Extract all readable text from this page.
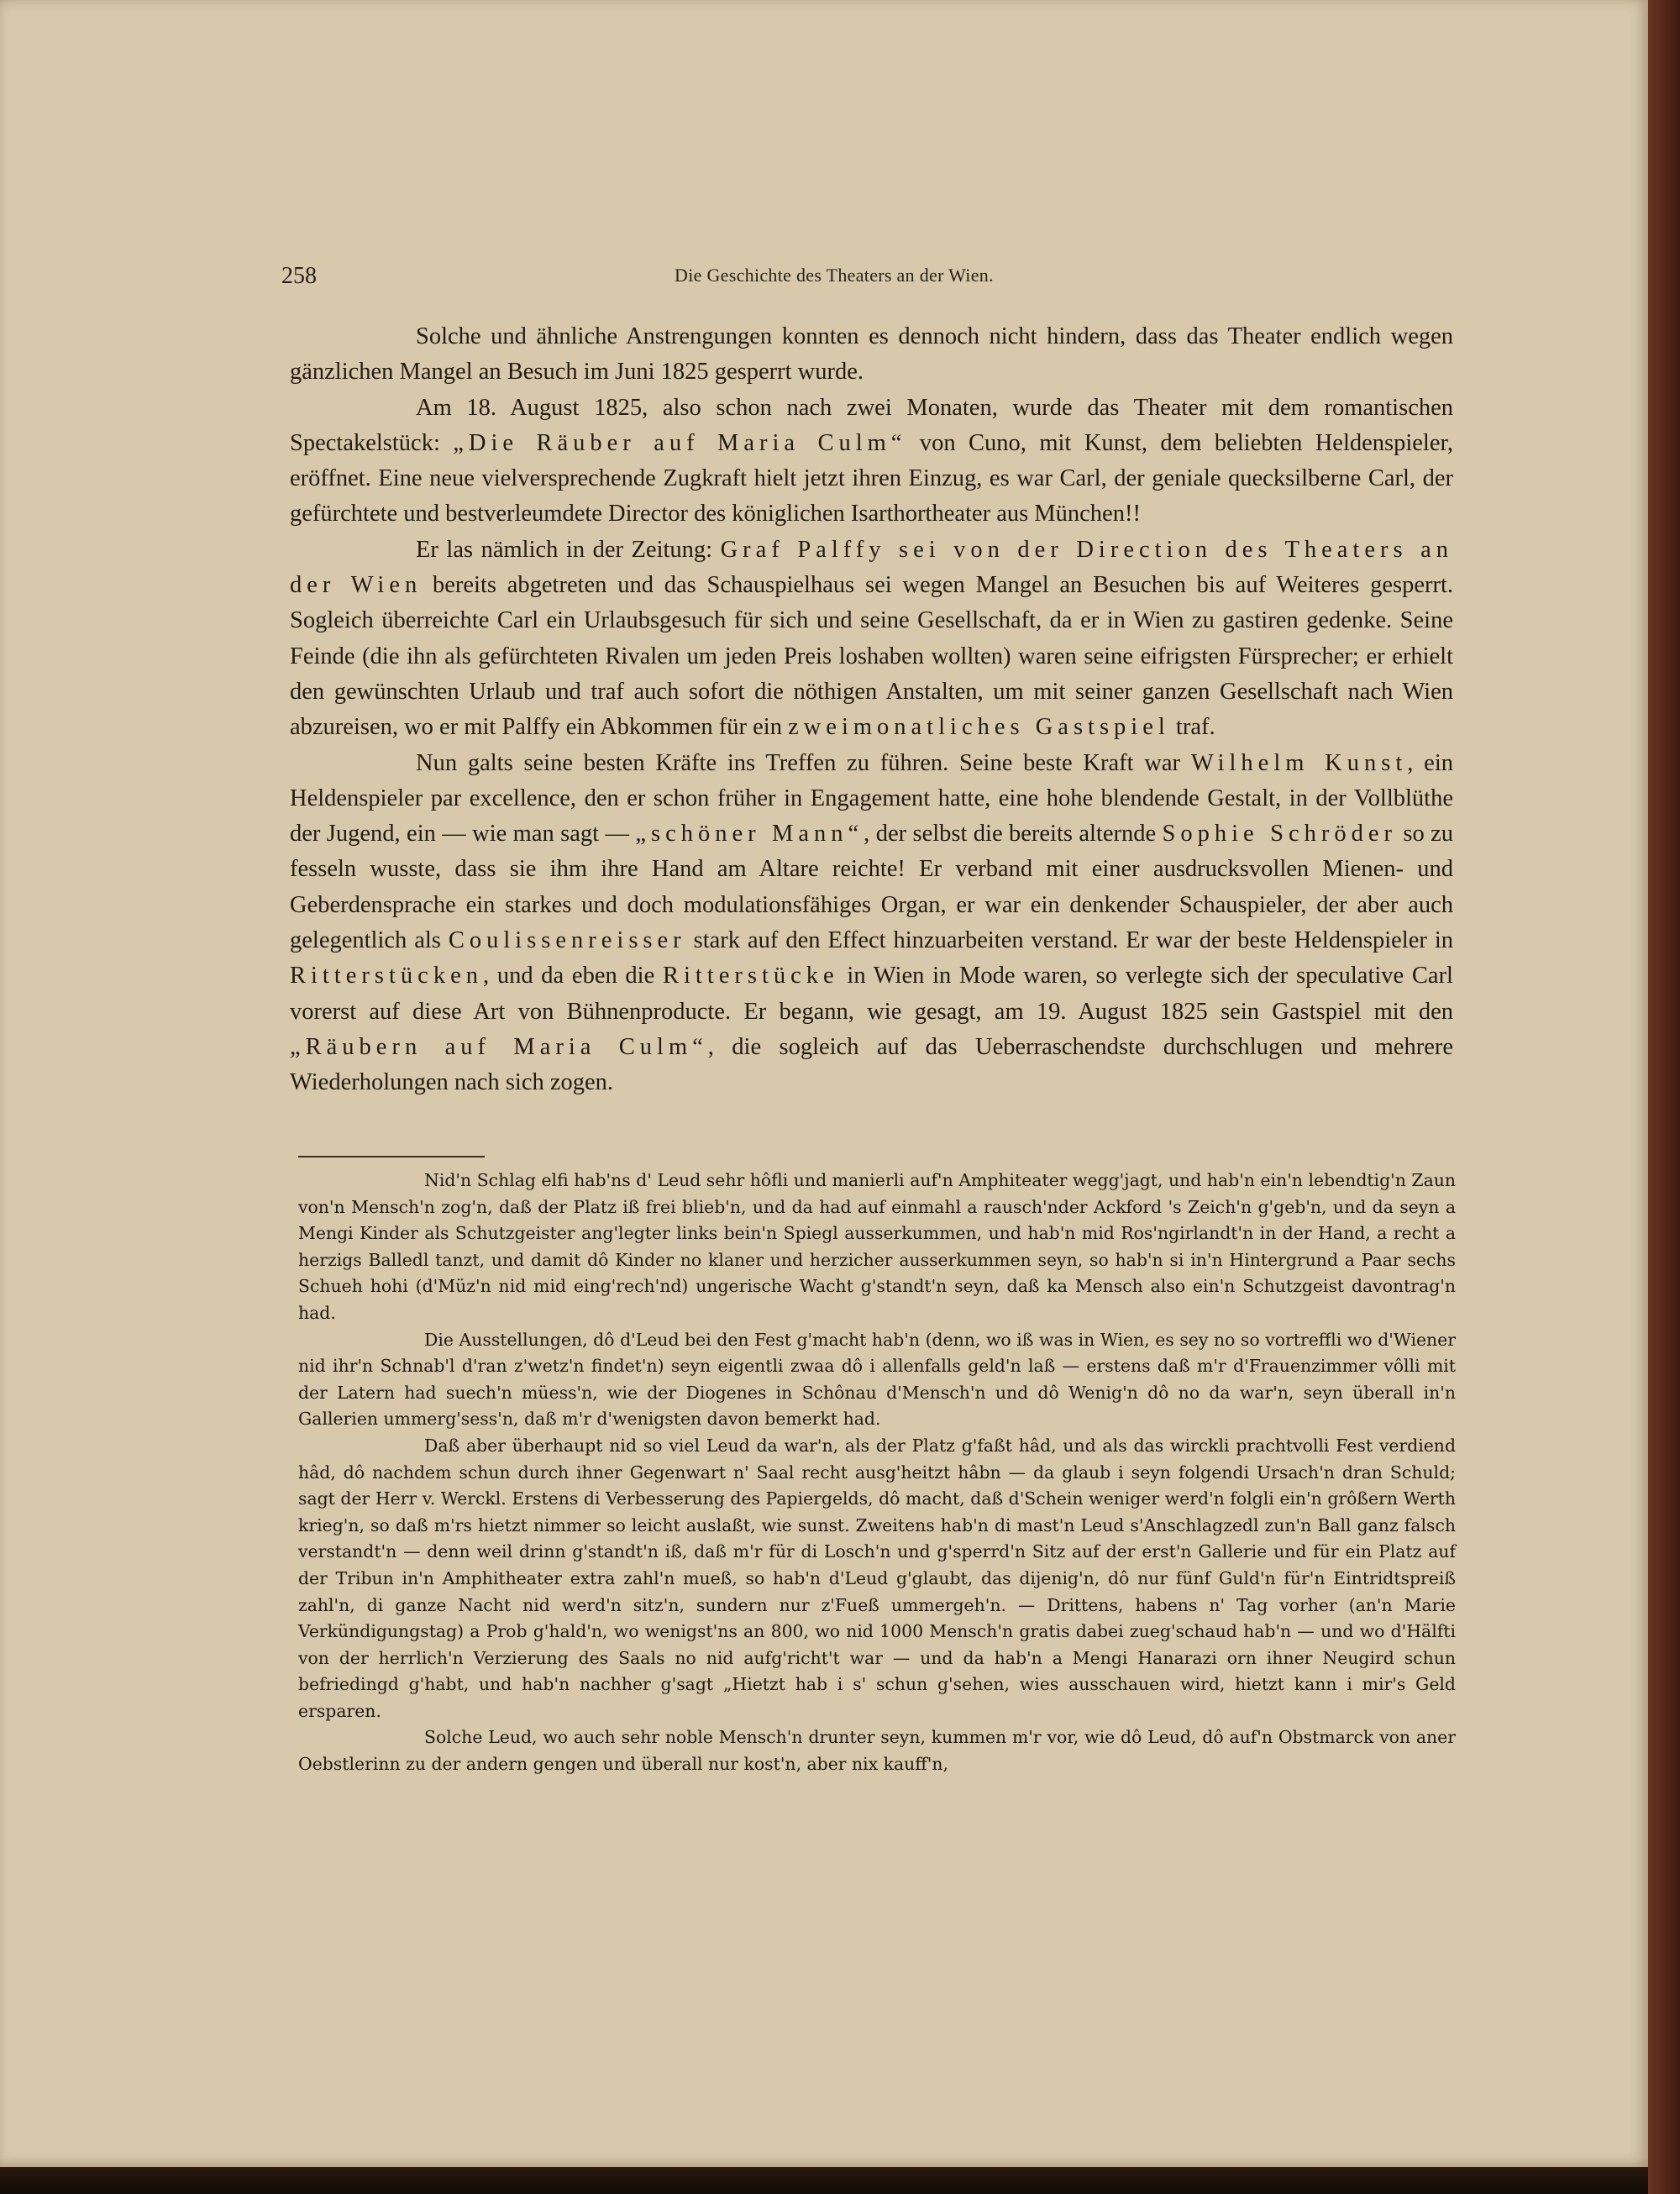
258	Die Geschichte des Theaters an der Wien.

Solche und ähnliche Anstrengungen konnten es dennoch nicht hindern, dass das Theater endlich wegen gänzlichen Mangel an Besuch im Juni 1825 gesperrt wurde.

Am 18. August 1825, also schon nach zwei Monaten, wurde das Theater mit dem romantischen Spectakelstück: „Die Räuber auf Maria Culm“ von Cuno, mit Kunst, dem beliebten Heldenspieler, eröffnet. Eine neue vielversprechende Zugkraft hielt jetzt ihren Einzug, es war Carl, der geniale quecksilberne Carl, der gefürchtete und bestverleumdete Director des königlichen Isarthortheater aus München!!

Er las nämlich in der Zeitung: Graf Palffy sei von der Direction des Theaters an der Wien bereits abgetreten und das Schauspielhaus sei wegen Mangel an Besuchen bis auf Weiteres gesperrt. Sogleich überreichte Carl ein Urlaubsgesuch für sich und seine Gesellschaft, da er in Wien zu gastiren gedenke. Seine Feinde (die ihn als gefürchteten Rivalen um jeden Preis loshaben wollten) waren seine eifrigsten Fürsprecher; er erhielt den gewünschten Urlaub und traf auch sofort die nöthigen Anstalten, um mit seiner ganzen Gesellschaft nach Wien abzureisen, wo er mit Palffy ein Abkommen für ein zweimonatliches Gastspiel traf.

Nun galts seine besten Kräfte ins Treffen zu führen. Seine beste Kraft war Wilhelm Kunst, ein Heldenspieler par excellence, den er schon früher in Engagement hatte, eine hohe blendende Gestalt, in der Vollblüthe der Jugend, ein — wie man sagt — „schöner Mann“, der selbst die bereits alternde Sophie Schröder so zu fesseln wusste, dass sie ihm ihre Hand am Altare reichte! Er verband mit einer ausdrucksvollen Mienen- und Geberdensprache ein starkes und doch modulationsfähiges Organ, er war ein denkender Schauspieler, der aber auch gelegentlich als Coulissenreisser stark auf den Effect hinzuarbeiten verstand. Er war der beste Heldenspieler in Ritterstücken, und da eben die Ritterstücke in Wien in Mode waren, so verlegte sich der speculative Carl vorerst auf diese Art von Bühnenproducte. Er begann, wie gesagt, am 19. August 1825 sein Gastspiel mit den „Räubern auf Maria Culm“, die sogleich auf das Ueberraschendste durchschlugen und mehrere Wiederholungen nach sich zogen.

Nid'n Schlag elfi hab'ns d' Leud sehr hôfli und manierli auf'n Amphiteater wegg'jagt, und hab'n ein'n lebendtig'n Zaun von'n Mensch'n zog'n, daß der Platz iß frei blieb'n, und da had auf einmahl a rausch'nder Ackford 's Zeich'n g'geb'n, und da seyn a Mengi Kinder als Schutzgeister ang'legter links bein'n Spiegl ausserkummen, und hab'n mid Ros'ngirlandt'n in der Hand, a recht a herzigs Balledl tanzt, und damit dô Kinder no klaner und herzicher ausserkummen seyn, so hab'n si in'n Hintergrund a Paar sechs Schueh hohi (d'Müz'n nid mid eing'rech'nd) ungerische Wacht g'standt'n seyn, daß ka Mensch also ein'n Schutzgeist davontrag'n had.

Die Ausstellungen, dô d'Leud bei den Fest g'macht hab'n (denn, wo iß was in Wien, es sey no so vortreffli wo d'Wiener nid ihr'n Schnab'l d'ran z'wetz'n findet'n) seyn eigentli zwaa dô i allenfalls geld'n laß — erstens daß m'r d'Frauenzimmer vôlli mit der Latern had suech'n müess'n, wie der Diogenes in Schônau d'Mensch'n und dô Wenig'n dô no da war'n, seyn überall in'n Gallerien ummerg'sess'n, daß m'r d'wenigsten davon bemerkt had.

Daß aber überhaupt nid so viel Leud da war'n, als der Platz g'faßt hâd, und als das wirckli prachtvolli Fest verdiend hâd, dô nachdem schun durch ihner Gegenwart n' Saal recht ausg'heitzt hâbn — da glaub i seyn folgendi Ursach'n dran Schuld; sagt der Herr v. Werckl. Erstens di Verbesserung des Papiergelds, dô macht, daß d'Schein weniger werd'n folgli ein'n grôßern Werth krieg'n, so daß m'rs hietzt nimmer so leicht auslaßt, wie sunst. Zweitens hab'n di mast'n Leud s'Anschlagzedl zun'n Ball ganz falsch verstandt'n — denn weil drinn g'standt'n iß, daß m'r für di Losch'n und g'sperrd'n Sitz auf der erst'n Gallerie und für ein Platz auf der Tribun in'n Amphitheater extra zahl'n mueß, so hab'n d'Leud g'glaubt, das dijenig'n, dô nur fünf Guld'n für'n Eintridtspreiß zahl'n, di ganze Nacht nid werd'n sitz'n, sundern nur z'Fueß ummergeh'n. — Drittens, habens n' Tag vorher (an'n Marie Verkündigungstag) a Prob g'hald'n, wo wenigst'ns an 800, wo nid 1000 Mensch'n gratis dabei zueg'schaud hab'n — und wo d'Hälfti von der herrlich'n Verzierung des Saals no nid aufg'richt't war — und da hab'n a Mengi Hanarazi orn ihner Neugird schun befriedingd g'habt, und hab'n nachher g'sagt „Hietzt hab i s' schun g'sehen, wies ausschauen wird, hietzt kann i mir's Geld ersparen.

Solche Leud, wo auch sehr noble Mensch'n drunter seyn, kummen m'r vor, wie dô Leud, dô auf'n Obstmarck von aner Oebstlerinn zu der andern gengen und überall nur kost'n, aber nix kauff'n,
